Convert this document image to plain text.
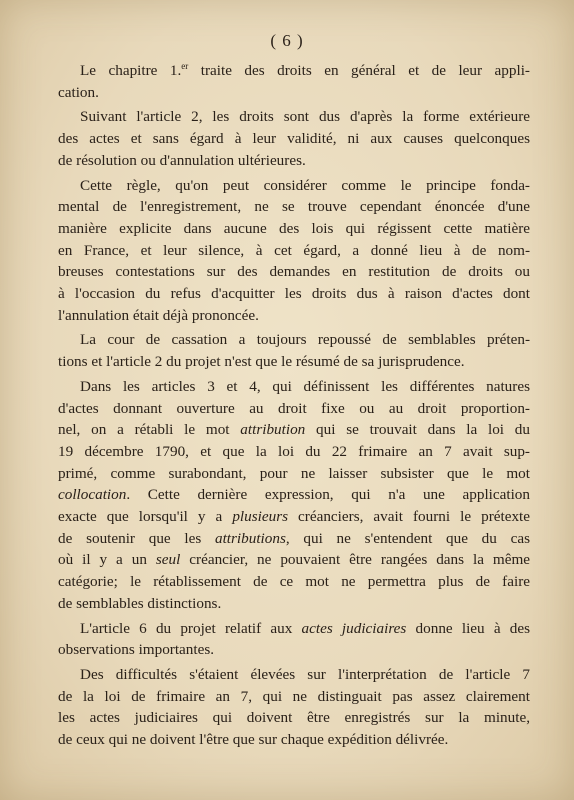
( 6 )
Le chapitre 1.$^{er}$ traite des droits en général et de leur appli-
cation.
Suivant l'article 2, les droits sont dus d'après la forme extérieure
des actes et sans égard à leur validité, ni aux causes quelconques
de résolution ou d'annulation ultérieures.
Cette règle, qu'on peut considérer comme le principe fonda-
mental de l'enregistrement, ne se trouve cependant énoncée d'une
manière explicite dans aucune des lois qui régissent cette matière
en France, et leur silence, à cet égard, a donné lieu à de nom-
breuses contestations sur des demandes en restitution de droits ou
à l'occasion du refus d'acquitter les droits dus à raison d'actes dont
l'annulation était déjà prononcée.
La cour de cassation a toujours repoussé de semblables préten-
tions et l'article 2 du projet n'est que le résumé de sa jurisprudence.
Dans les articles 3 et 4, qui définissent les différentes natures
d'actes donnant ouverture au droit fixe ou au droit proportion-
nel, on a rétabli le mot attribution qui se trouvait dans la loi du
19 décembre 1790, et que la loi du 22 frimaire an 7 avait sup-
primé, comme surabondant, pour ne laisser subsister que le mot
collocation. Cette dernière expression, qui n'a une application
exacte que lorsqu'il y a plusieurs créanciers, avait fourni le prétexte
de soutenir que les attributions, qui ne s'entendent que du cas
où il y a un seul créancier, ne pouvaient être rangées dans la même
catégorie; le rétablissement de ce mot ne permettra plus de faire
de semblables distinctions.
L'article 6 du projet relatif aux actes judiciaires donne lieu à des
observations importantes.
Des difficultés s'étaient élevées sur l'interprétation de l'article 7
de la loi de frimaire an 7, qui ne distinguait pas assez clairement
les actes judiciaires qui doivent être enregistrés sur la minute,
de ceux qui ne doivent l'être que sur chaque expédition délivrée.
